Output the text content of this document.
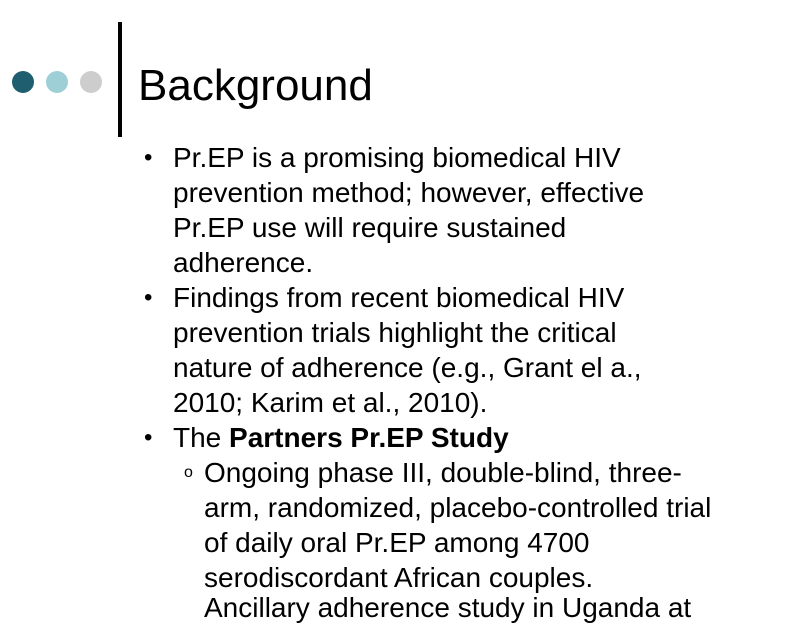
Background
• Pr.EP is a promising biomedical HIV
prevention method; however, effective
Pr.EP use will require sustained
adherence.
• Findings from recent biomedical HIV
prevention trials highlight the critical
nature of adherence (e.g., Grant el a.,
2010; Karim et al., 2010).
• The Partners Pr.EP Study
o Ongoing phase III, double-blind, three-
arm, randomized, placebo-controlled trial
of daily oral Pr.EP among 4700
serodiscordant African couples.
Ancillary adherence study in Uganda at
